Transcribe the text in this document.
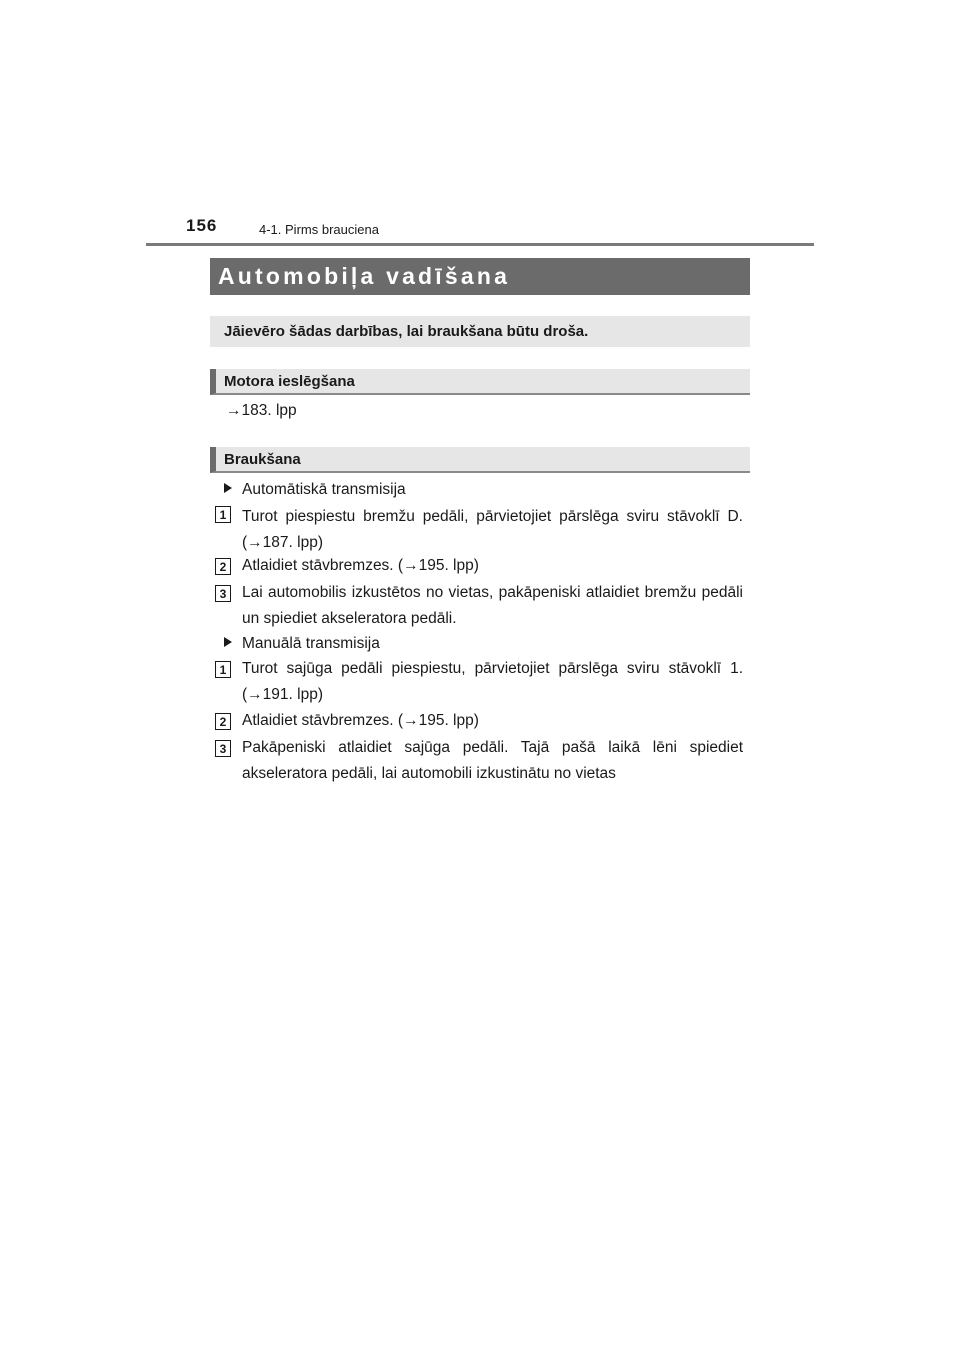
156	4-1. Pirms brauciena
Automobiļa vadīšana
Jāievēro šādas darbības, lai braukšana būtu droša.
Motora ieslēgšana
→183. lpp
Braukšana
Automātiskā transmisija
1	Turot piespiestu bremžu pedāli, pārvietojiet pārslēga sviru stāvoklī D. (→187. lpp)
2	Atlaidiet stāvbremzes. (→195. lpp)
3	Lai automobilis izkustētos no vietas, pakāpeniski atlaidiet bremžu pedāli un spiediet akseleratora pedāli.
Manuālā transmisija
1	Turot sajūga pedāli piespiestu, pārvietojiet pārslēga sviru stāvoklī 1. (→191. lpp)
2	Atlaidiet stāvbremzes. (→195. lpp)
3	Pakāpeniski atlaidiet sajūga pedāli. Tajā pašā laikā lēni spiediet akseleratora pedāli, lai automobili izkustinātu no vietas
